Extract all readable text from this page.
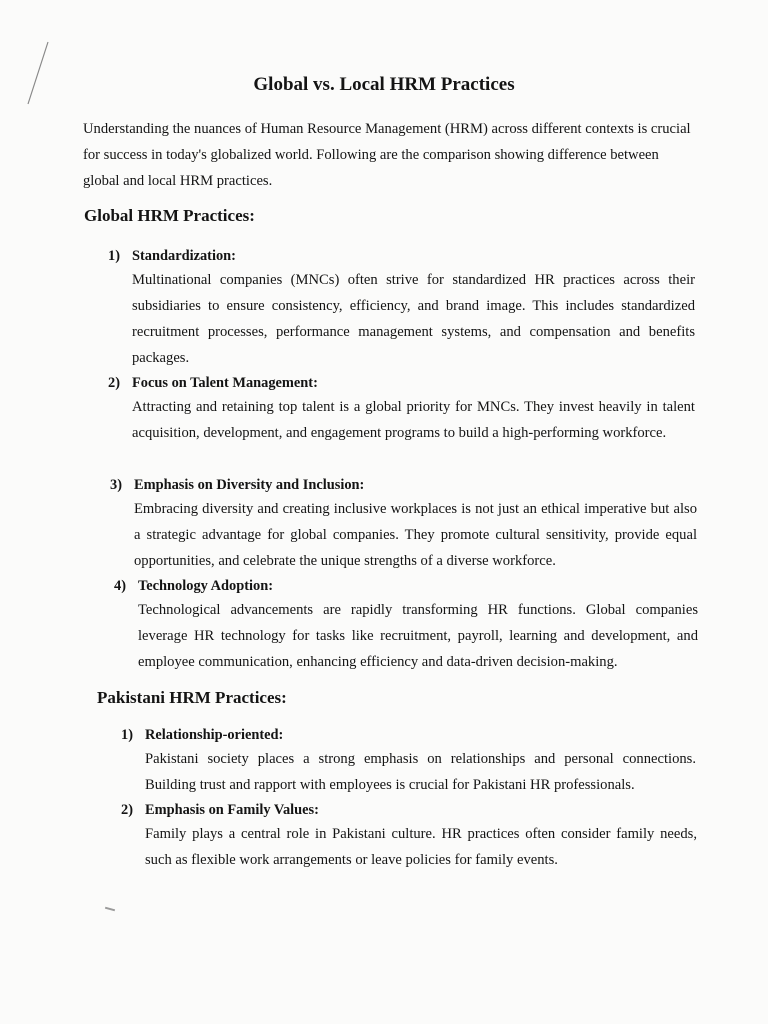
Global vs. Local HRM Practices

Understanding the nuances of Human Resource Management (HRM) across different contexts is crucial for success in today's globalized world. Following are the comparison showing difference between global and local HRM practices.

Global HRM Practices:
1) Standardization:
Multinational companies (MNCs) often strive for standardized HR practices across their subsidiaries to ensure consistency, efficiency, and brand image. This includes standardized recruitment processes, performance management systems, and compensation and benefits packages.
2) Focus on Talent Management:
Attracting and retaining top talent is a global priority for MNCs. They invest heavily in talent acquisition, development, and engagement programs to build a high-performing workforce.
3) Emphasis on Diversity and Inclusion:
Embracing diversity and creating inclusive workplaces is not just an ethical imperative but also a strategic advantage for global companies. They promote cultural sensitivity, provide equal opportunities, and celebrate the unique strengths of a diverse workforce.
4) Technology Adoption:
Technological advancements are rapidly transforming HR functions. Global companies leverage HR technology for tasks like recruitment, payroll, learning and development, and employee communication, enhancing efficiency and data-driven decision-making.
Pakistani HRM Practices:
1) Relationship-oriented:
Pakistani society places a strong emphasis on relationships and personal connections. Building trust and rapport with employees is crucial for Pakistani HR professionals.
2) Emphasis on Family Values:
Family plays a central role in Pakistani culture. HR practices often consider family needs, such as flexible work arrangements or leave policies for family events.
